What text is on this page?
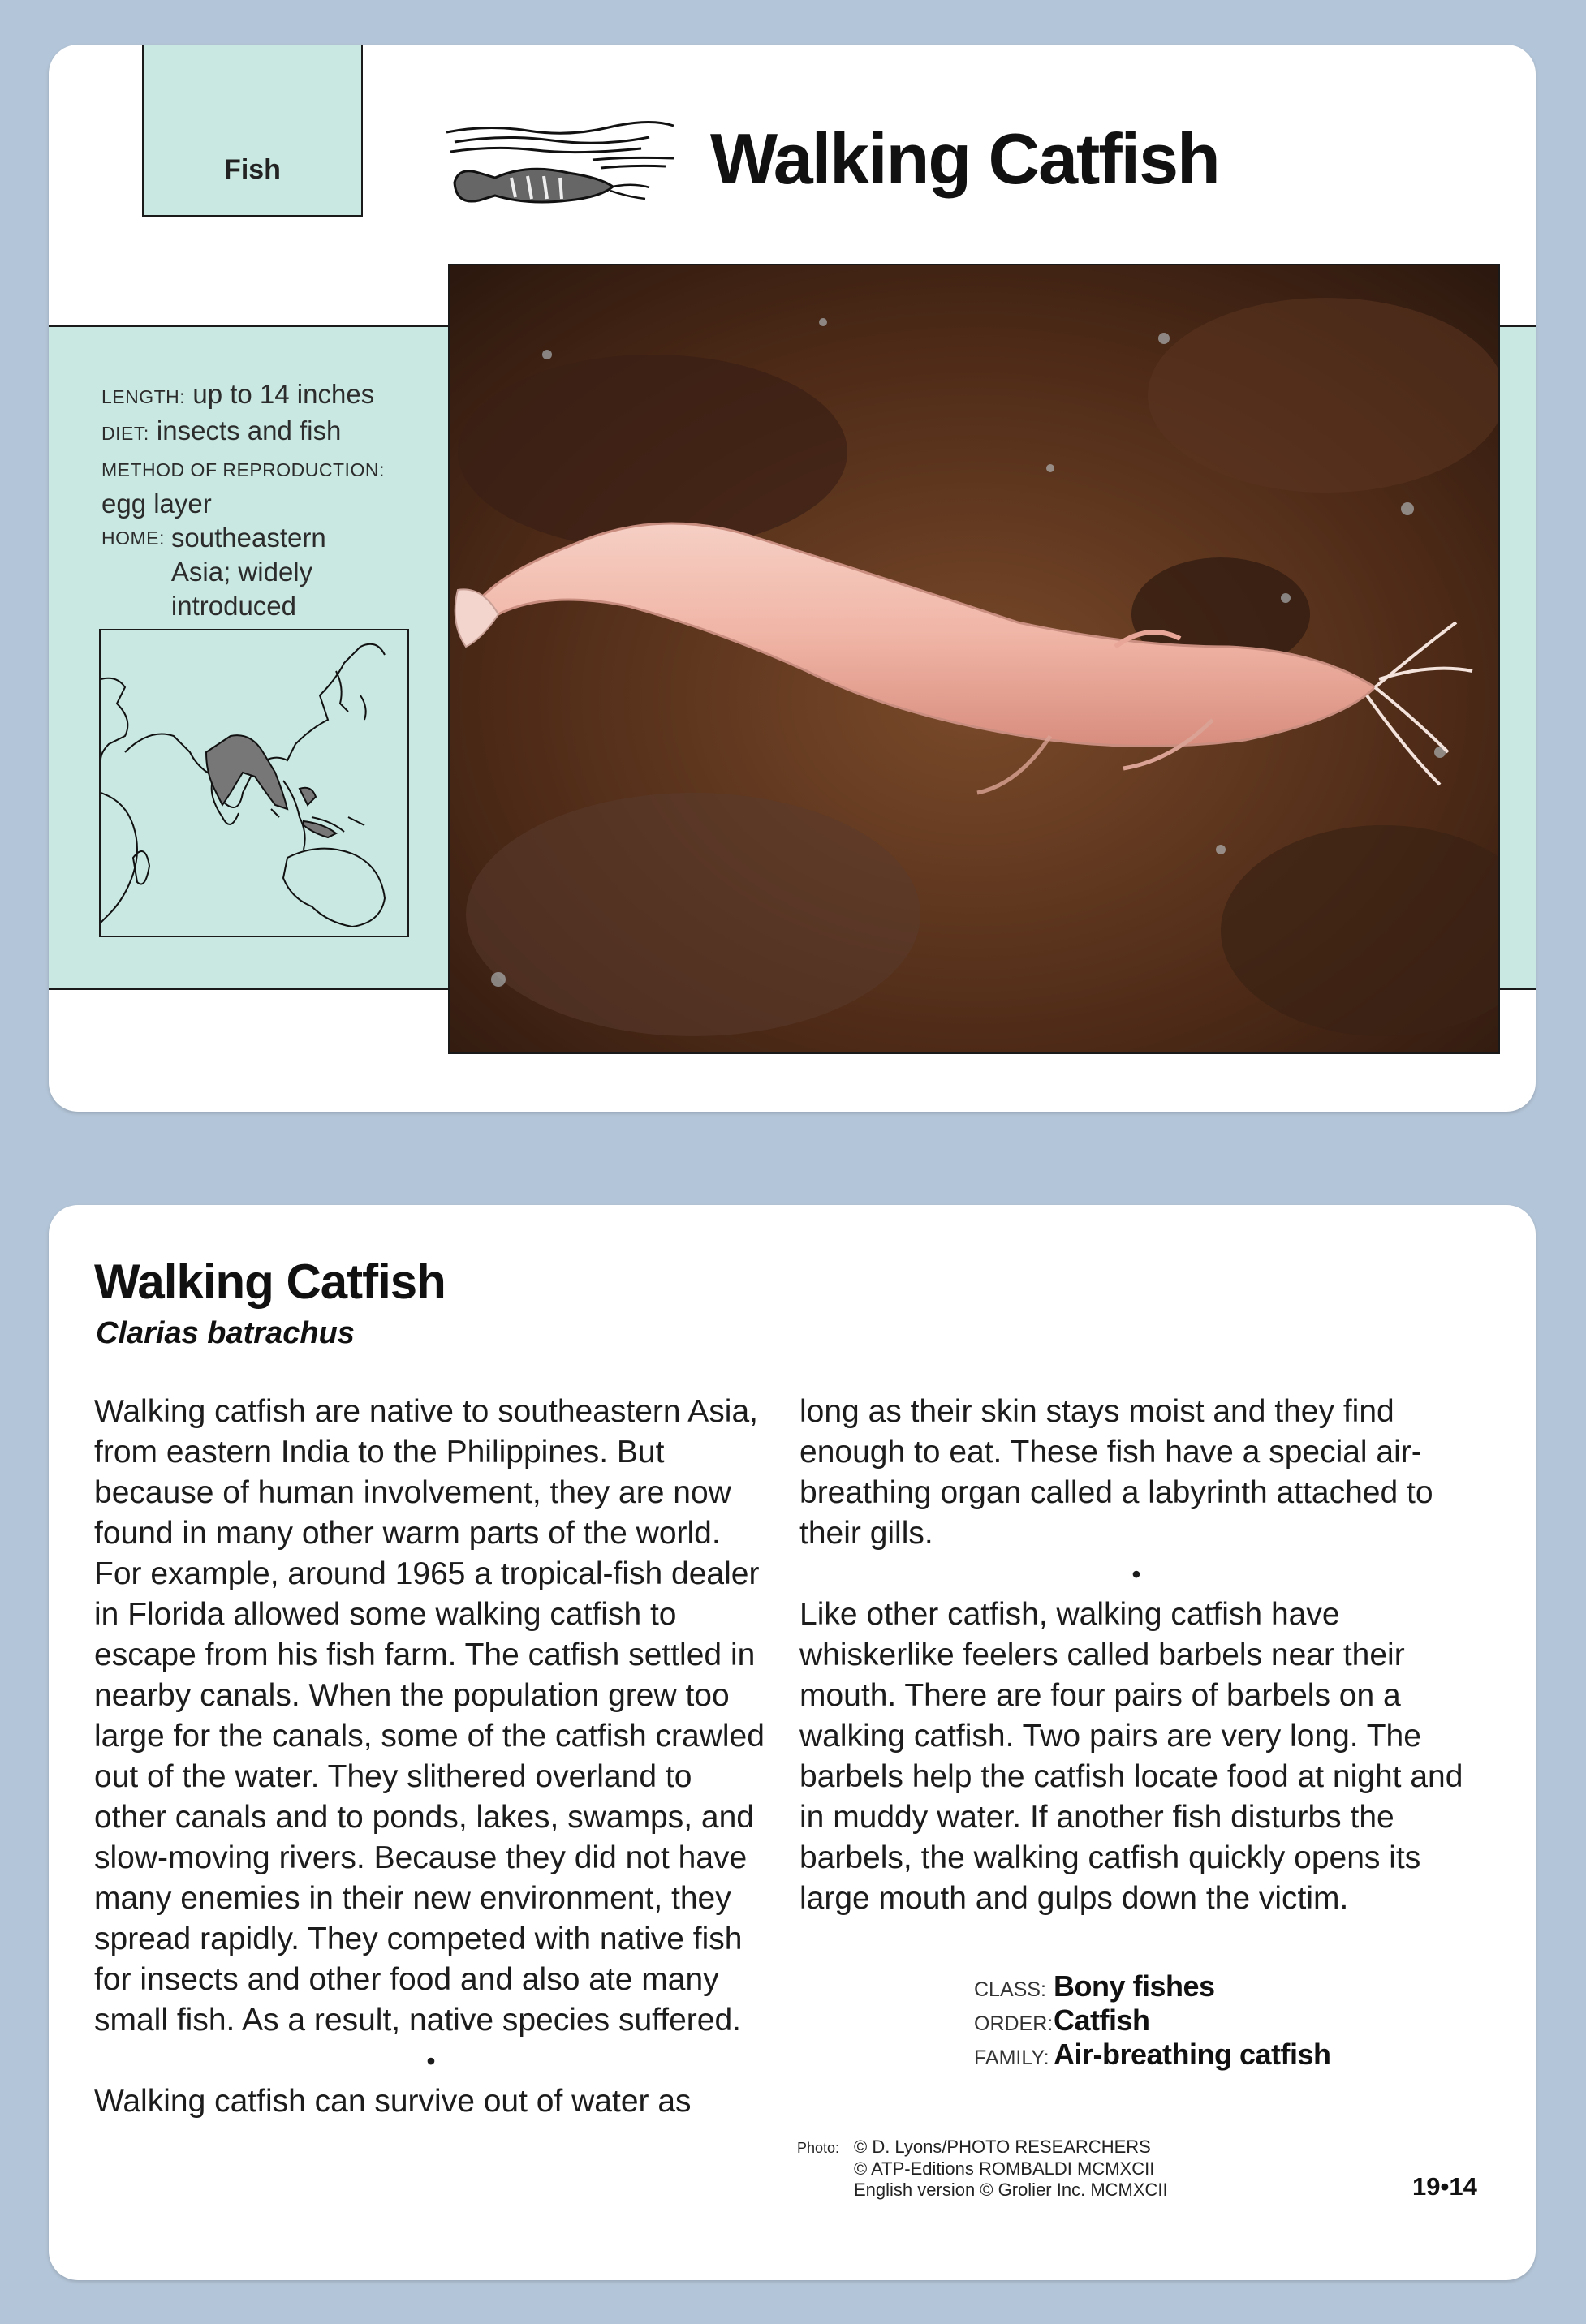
Fish	Walking Catfish
LENGTH: up to 14 inches
DIET: insects and fish
METHOD OF REPRODUCTION: egg layer
HOME: southeastern Asia; widely introduced elsewhere
Walking Catfish
Clarias batrachus

Walking catfish are native to southeastern Asia, from eastern India to the Philippines. But because of human involvement, they are now found in many other warm parts of the world. For example, around 1965 a tropical-fish dealer in Florida allowed some walking catfish to escape from his fish farm. The catfish settled in nearby canals. When the population grew too large for the canals, some of the catfish crawled out of the water. They slithered overland to other canals and to ponds, lakes, swamps, and slow-moving rivers. Because they did not have many enemies in their new environment, they spread rapidly. They competed with native fish for insects and other food and also ate many small fish. As a result, native species suffered.

•

Walking catfish can survive out of water as

long as their skin stays moist and they find enough to eat. These fish have a special air-breathing organ called a labyrinth attached to their gills.

•

Like other catfish, walking catfish have whiskerlike feelers called barbels near their mouth. There are four pairs of barbels on a walking catfish. Two pairs are very long. The barbels help the catfish locate food at night and in muddy water. If another fish disturbs the barbels, the walking catfish quickly opens its large mouth and gulps down the victim.

CLASS: Bony fishes
ORDER:Catfish
FAMILY: Air-breathing catfish
Photo: © D. Lyons/PHOTO RESEARCHERS
© ATP-Editions ROMBALDI MCMXCII
English version © Grolier Inc. MCMXCII	19•14
